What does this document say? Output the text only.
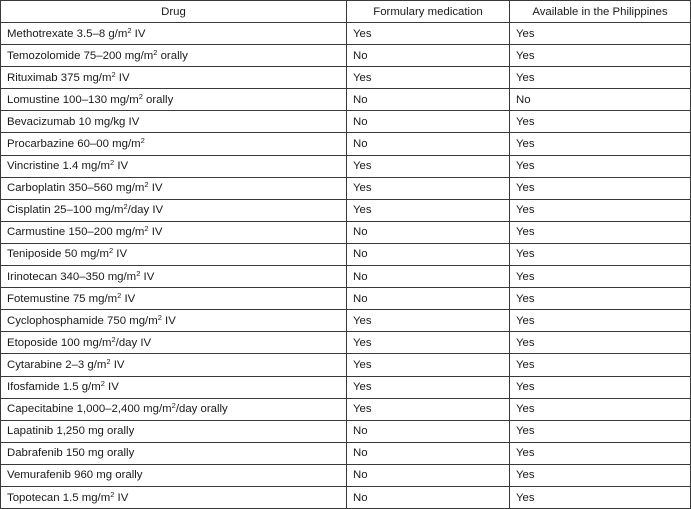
Drug	Formulary medication	Available in the Philippines
Methotrexate 3.5–8 $g/m^2$ IV	Yes	Yes
Temozolomide 75–200 $mg/m^2$ orally	No	Yes
Rituximab 375 $mg/m^2$ IV	Yes	Yes
Lomustine 100–130 $mg/m^2$ orally	No	No
Bevacizumab 10 mg/kg IV	No	Yes
Procarbazine 60–00 $mg/m^2$	No	Yes
Vincristine 1.4 $mg/m^2$ IV	Yes	Yes
Carboplatin 350–560 $mg/m^2$ IV	Yes	Yes
Cisplatin 25–100 $mg/m^2$/day IV	Yes	Yes
Carmustine 150–200 $mg/m^2$ IV	No	Yes
Teniposide 50 $mg/m^2$ IV	No	Yes
Irinotecan 340–350 $mg/m^2$ IV	No	Yes
Fotemustine 75 $mg/m^2$ IV	No	Yes
Cyclophosphamide 750 $mg/m^2$ IV	Yes	Yes
Etoposide 100 $mg/m^2$/day IV	Yes	Yes
Cytarabine 2–3 $g/m^2$ IV	Yes	Yes
Ifosfamide 1.5 $g/m^2$ IV	Yes	Yes
Capecitabine 1,000–2,400 $mg/m^2$/day orally	Yes	Yes
Lapatinib 1,250 mg orally	No	Yes
Dabrafenib 150 mg orally	No	Yes
Vemurafenib 960 mg orally	No	Yes
Topotecan 1.5 $mg/m^2$ IV	No	Yes
